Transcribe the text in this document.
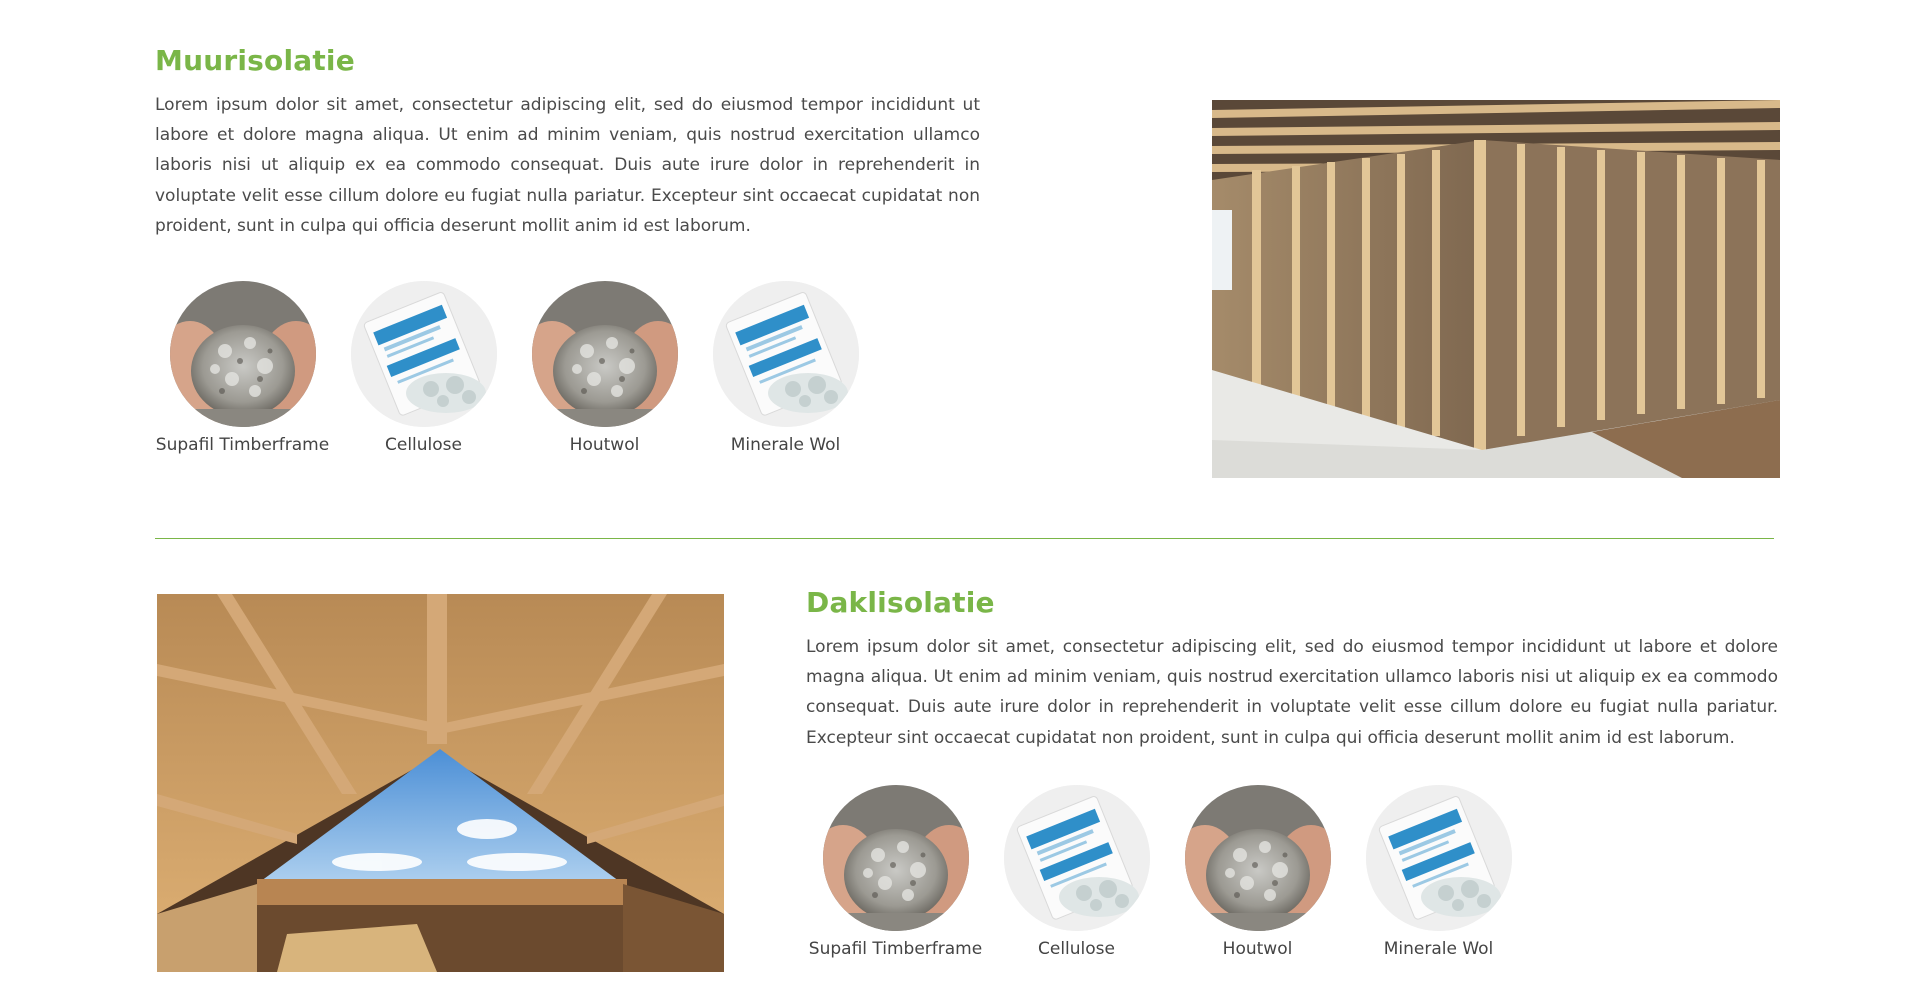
Muurisolatie

Lorem ipsum dolor sit amet, consectetur adipiscing elit, sed do eiusmod tempor incididunt ut labore et dolore magna aliqua. Ut enim ad minim veniam, quis nostrud exercitation ullamco laboris nisi ut aliquip ex ea commodo consequat. Duis aute irure dolor in reprehenderit in voluptate velit esse cillum dolore eu fugiat nulla pariatur. Excepteur sint occaecat cupidatat non proident, sunt in culpa qui officia deserunt mollit anim id est laborum.

Supafil Timberframe	Cellulose	Houtwol	Minerale Wol
Daklisolatie

Lorem ipsum dolor sit amet, consectetur adipiscing elit, sed do eiusmod tempor incididunt ut labore et dolore magna aliqua. Ut enim ad minim veniam, quis nostrud exercitation ullamco laboris nisi ut aliquip ex ea commodo consequat. Duis aute irure dolor in reprehenderit in voluptate velit esse cillum dolore eu fugiat nulla pariatur. Excepteur sint occaecat cupidatat non proident, sunt in culpa qui officia deserunt mollit anim id est laborum.

Supafil Timberframe	Cellulose	Houtwol	Minerale Wol
